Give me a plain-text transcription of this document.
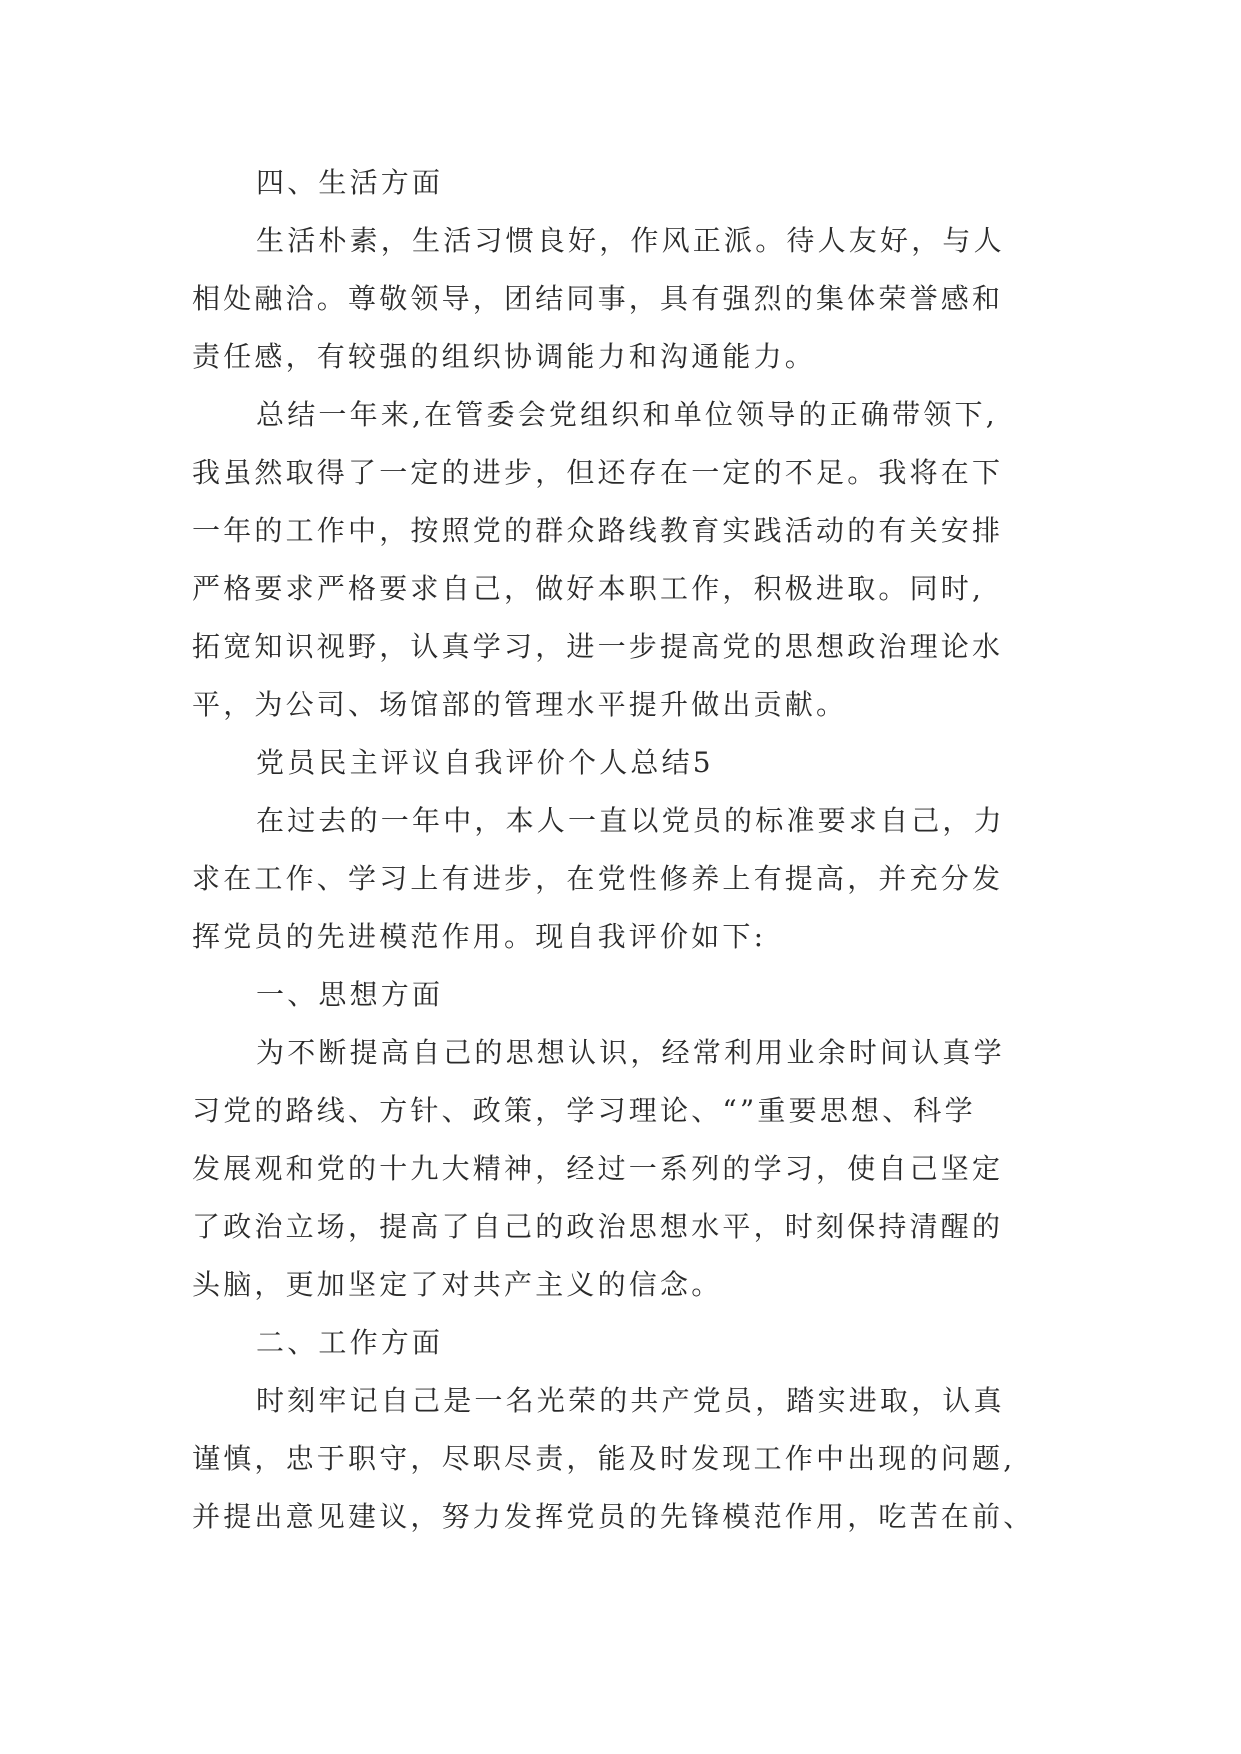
四、生活方面
生活朴素，生活习惯良好，作风正派。待人友好，与人
相处融洽。尊敬领导，团结同事，具有强烈的集体荣誉感和
责任感，有较强的组织协调能力和沟通能力。
总结一年来,在管委会党组织和单位领导的正确带领下,
我虽然取得了一定的进步，但还存在一定的不足。我将在下
一年的工作中，按照党的群众路线教育实践活动的有关安排
严格要求严格要求自己，做好本职工作，积极进取。同时,
拓宽知识视野，认真学习，进一步提高党的思想政治理论水
平，为公司、场馆部的管理水平提升做出贡献。
党员民主评议自我评价个人总结5
在过去的一年中，本人一直以党员的标准要求自己，力
求在工作、学习上有进步，在党性修养上有提高，并充分发
挥党员的先进模范作用。现自我评价如下:
一、思想方面
为不断提高自己的思想认识，经常利用业余时间认真学
习党的路线、方针、政策，学习理论、“”重要思想、科学
发展观和党的十九大精神，经过一系列的学习，使自己坚定
了政治立场，提高了自己的政治思想水平，时刻保持清醒的
头脑，更加坚定了对共产主义的信念。
二、工作方面
时刻牢记自己是一名光荣的共产党员，踏实进取，认真
谨慎，忠于职守，尽职尽责，能及时发现工作中出现的问题,
并提出意见建议，努力发挥党员的先锋模范作用，吃苦在前、
